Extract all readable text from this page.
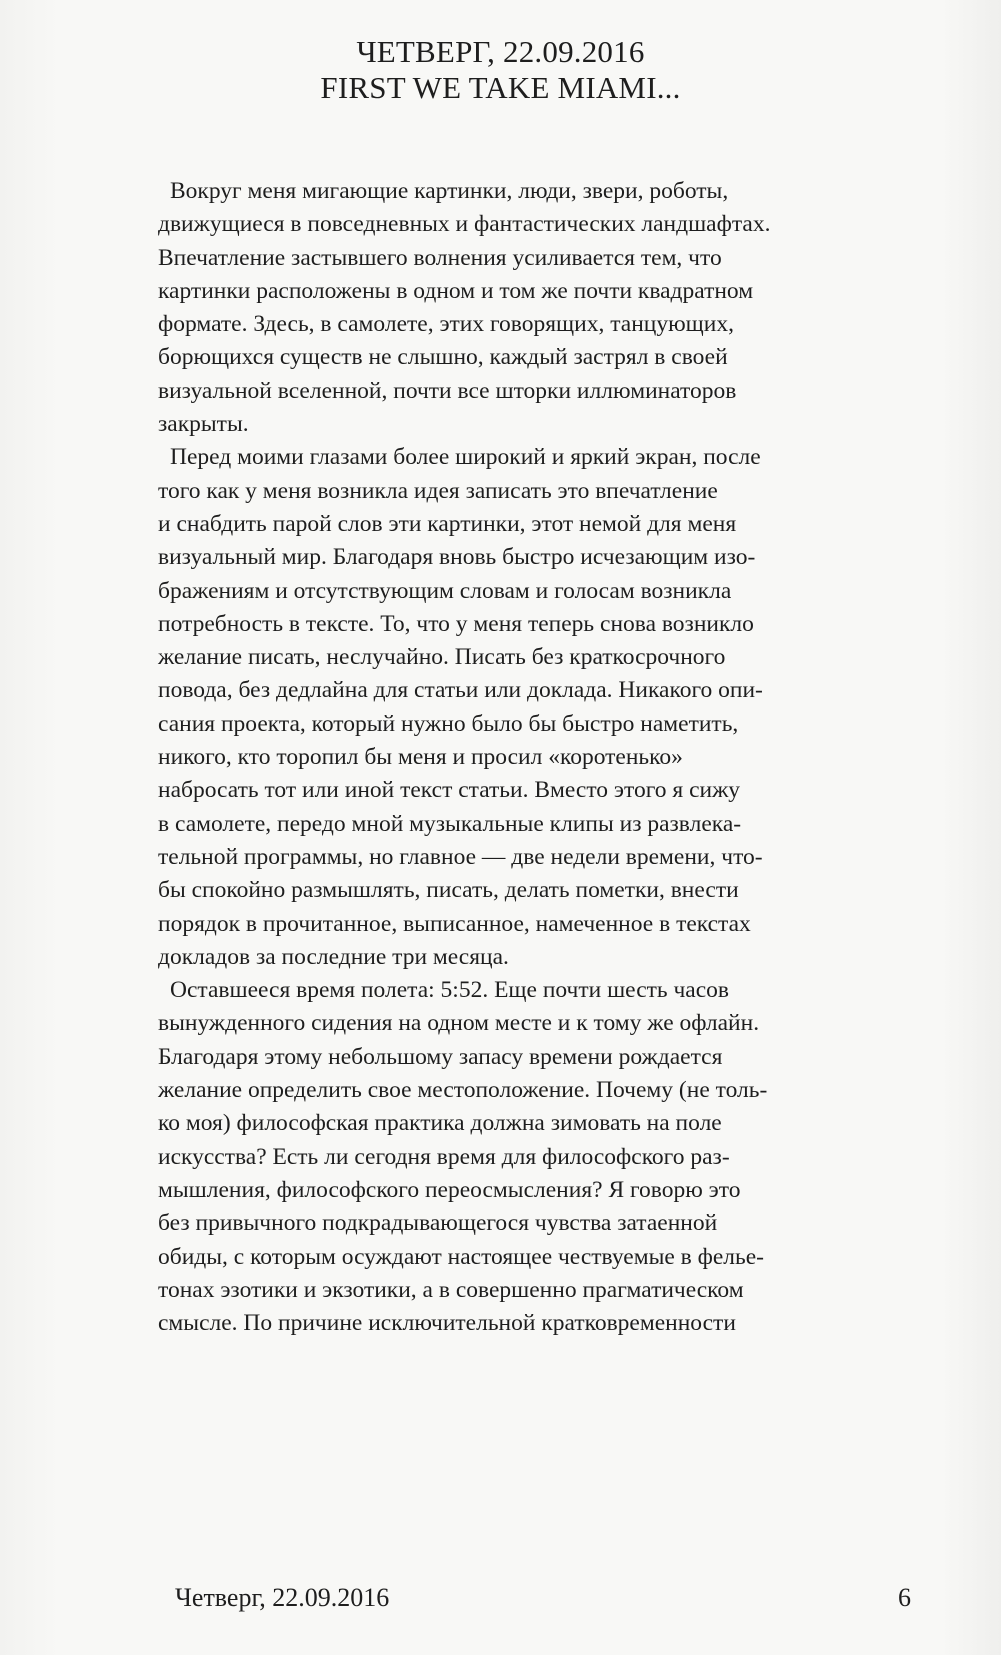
ЧЕТВЕРГ, 22.09.2016
FIRST WE TAKE MIAMI...
Вокруг меня мигающие картинки, люди, звери, роботы,
движущиеся в повседневных и фантастических ландшафтах.
Впечатление застывшего волнения усиливается тем, что
картинки расположены в одном и том же почти квадратном
формате. Здесь, в самолете, этих говорящих, танцующих,
борющихся существ не слышно, каждый застрял в своей
визуальной вселенной, почти все шторки иллюминаторов
закрыты.
Перед моими глазами более широкий и яркий экран, после
того как у меня возникла идея записать это впечатление
и снабдить парой слов эти картинки, этот немой для меня
визуальный мир. Благодаря вновь быстро исчезающим изо-
бражениям и отсутствующим словам и голосам возникла
потребность в тексте. То, что у меня теперь снова возникло
желание писать, неслучайно. Писать без краткосрочного
повода, без дедлайна для статьи или доклада. Никакого опи-
сания проекта, который нужно было бы быстро наметить,
никого, кто торопил бы меня и просил «коротенько»
набросать тот или иной текст статьи. Вместо этого я сижу
в самолете, передо мной музыкальные клипы из развлека-
тельной программы, но главное — две недели времени, что-
бы спокойно размышлять, писать, делать пометки, внести
порядок в прочитанное, выписанное, намеченное в текстах
докладов за последние три месяца.
Оставшееся время полета: 5:52. Еще почти шесть часов
вынужденного сидения на одном месте и к тому же офлайн.
Благодаря этому небольшому запасу времени рождается
желание определить свое местоположение. Почему (не толь-
ко моя) философская практика должна зимовать на поле
искусства? Есть ли сегодня время для философского раз-
мышления, философского переосмысления? Я говорю это
без привычного подкрадывающегося чувства затаенной
обиды, с которым осуждают настоящее чествуемые в фелье-
тонах эзотики и экзотики, а в совершенно прагматическом
смысле. По причине исключительной кратковременности
Четверг, 22.09.2016	6
